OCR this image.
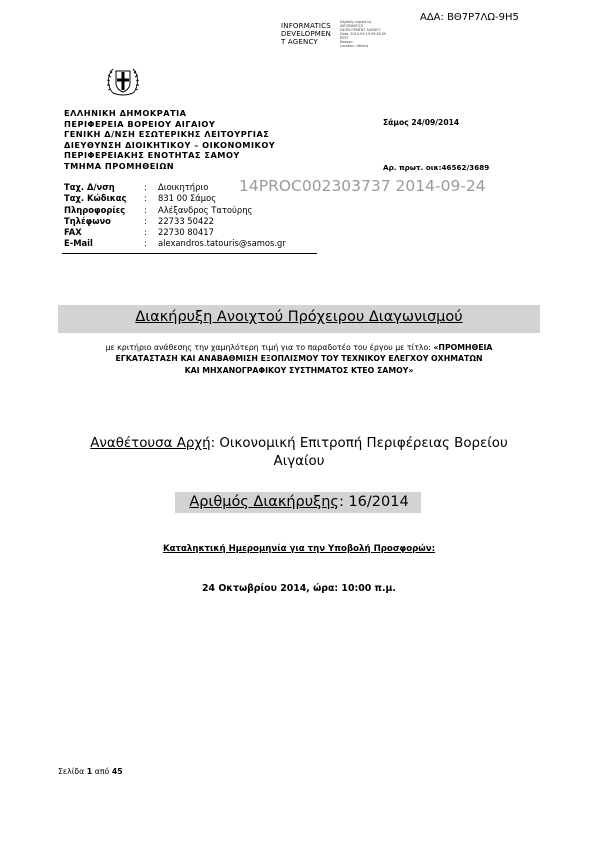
INFORMATICS
DEVELOPMEN
T AGENCY
Digitally signed by
INFORMATICS
DEVELOPMENT AGENCY
Date: 2014.09.24 09:28:09
EEST
Reason:
Location: Athens
ΑΔΑ: ΒΘ7Ρ7ΛΩ-9Η5
ΕΛΛΗΝΙΚΗ ΔΗΜΟΚΡΑΤΙΑ
ΠΕΡΙΦΕΡΕΙΑ ΒΟΡΕΙΟΥ ΑΙΓΑΙΟΥ
ΓΕΝΙΚΗ Δ/ΝΣΗ ΕΣΩΤΕΡΙΚΗΣ ΛΕΙΤΟΥΡΓΙΑΣ
ΔΙΕΥΘΥΝΣΗ ΔΙΟΙΚΗΤΙΚΟΥ – ΟΙΚΟΝΟΜΙΚΟΥ
ΠΕΡΙΦΕΡΕΙΑΚΗΣ ΕΝΟΤΗΤΑΣ ΣΑΜΟΥ
ΤΜΗΜΑ ΠΡΟΜΗΘΕΙΩΝ
Σάμος 24/09/2014
Αρ. πρωτ. οικ:46562/3689
14PROC002303737 2014-09-24
Ταχ. Δ/νση	:	Διοικητήριο
Ταχ. Κώδικας	:	831 00 Σάμος
Πληροφορίες	:	Αλέξανδρος Τατούρης
Τηλέφωνο	:	22733 50422
FAX	:	22730 80417
E-Mail	:	alexandros.tatouris@samos.gr
Διακήρυξη Ανοιχτού Πρόχειρου Διαγωνισμού
με κριτήριο ανάθεσης την χαμηλότερη τιμή για το παραδοτέο του έργου με τίτλο: «ΠΡΟΜΗΘΕΙΑ
ΕΓΚΑΤΑΣΤΑΣΗ ΚΑΙ ΑΝΑΒΑΘΜΙΣΗ ΕΞΟΠΛΙΣΜΟΥ ΤΟΥ ΤΕΧΝΙΚΟΥ ΕΛΕΓΧΟΥ ΟΧΗΜΑΤΩΝ
ΚΑΙ ΜΗΧΑΝΟΓΡΑΦΙΚΟΥ ΣΥΣΤΗΜΑΤΟΣ ΚΤΕΟ ΣΑΜΟΥ»
Αναθέτουσα Αρχή: Οικονομική Επιτροπή Περιφέρειας Βορείου
Αιγαίου
Αριθμός Διακήρυξης: 16/2014
Καταληκτική Ημερομηνία για την Υποβολή Προσφορών:
24 Οκτωβρίου 2014, ώρα: 10:00 π.μ.
Σελίδα 1 από 45
